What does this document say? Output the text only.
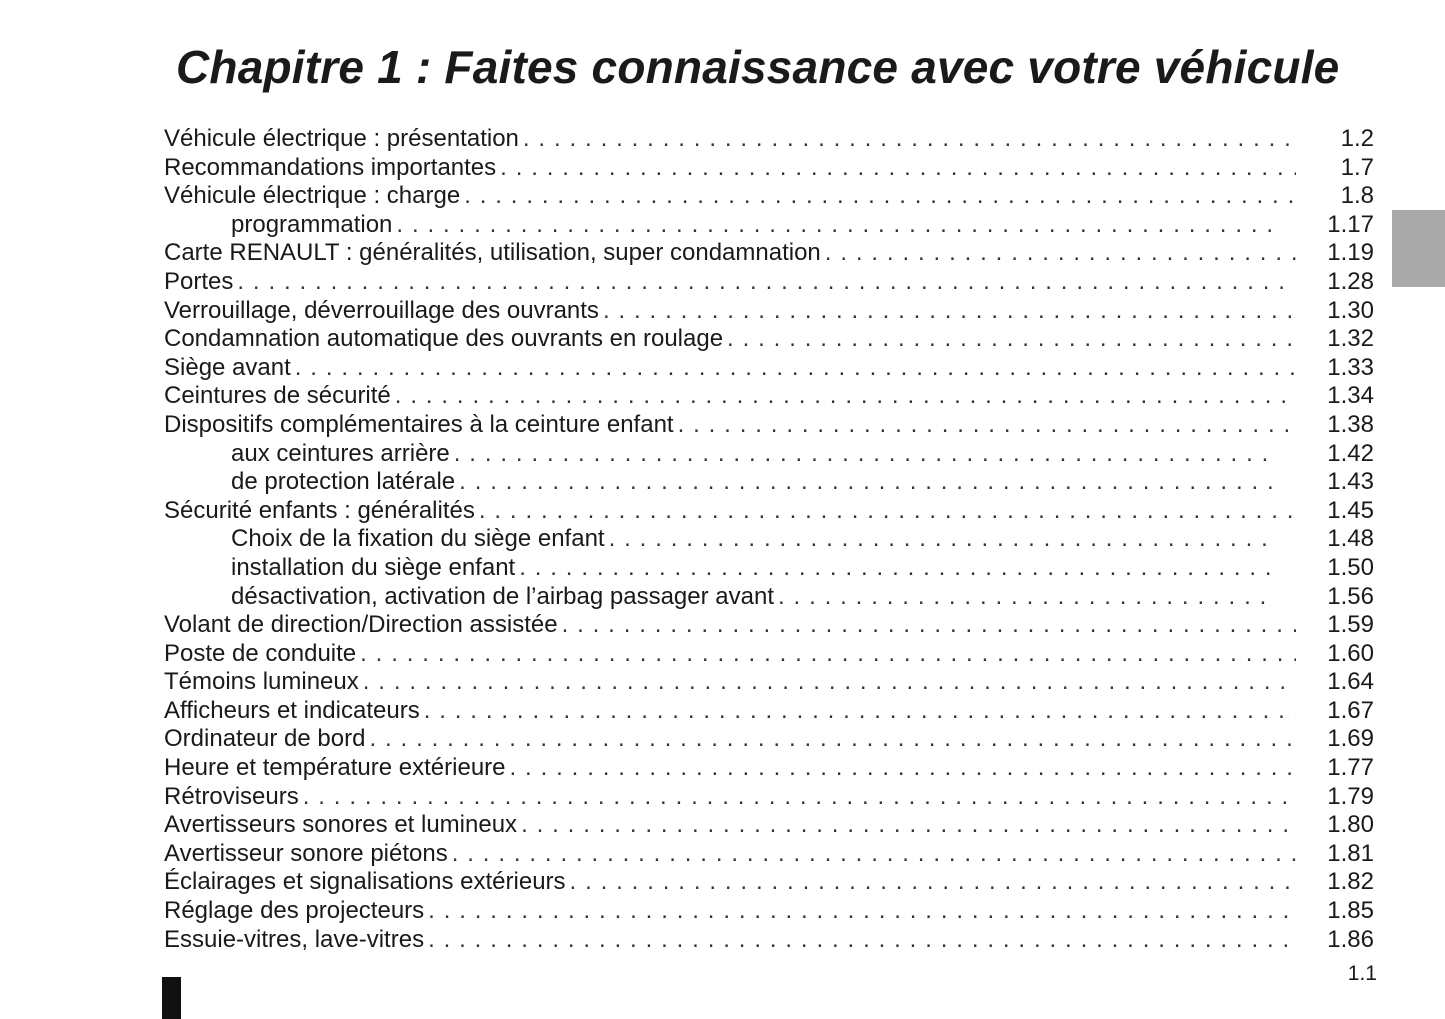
Chapitre 1 : Faites connaissance avec votre véhicule
Véhicule électrique : présentation . . .	1.2
Recommandations importantes . . .	1.7
Véhicule électrique : charge . . .	1.8
programmation . . .	1.17
Carte RENAULT : généralités, utilisation, super condamnation . . .	1.19
Portes . . .	1.28
Verrouillage, déverrouillage des ouvrants . . .	1.30
Condamnation automatique des ouvrants en roulage . . .	1.32
Siège avant . . .	1.33
Ceintures de sécurité . . .	1.34
Dispositifs complémentaires à la ceinture enfant . . .	1.38
aux ceintures arrière . . .	1.42
de protection latérale . . .	1.43
Sécurité enfants : généralités . . .	1.45
Choix de la fixation du siège enfant . . .	1.48
installation du siège enfant . . .	1.50
désactivation, activation de l’airbag passager avant . . .	1.56
Volant de direction/Direction assistée . . .	1.59
Poste de conduite . . .	1.60
Témoins lumineux . . .	1.64
Afficheurs et indicateurs . . .	1.67
Ordinateur de bord . . .	1.69
Heure et température extérieure . . .	1.77
Rétroviseurs . . .	1.79
Avertisseurs sonores et lumineux . . .	1.80
Avertisseur sonore piétons . . .	1.81
Éclairages et signalisations extérieurs . . .	1.82
Réglage des projecteurs . . .	1.85
Essuie-vitres, lave-vitres . . .	1.86
1.1
